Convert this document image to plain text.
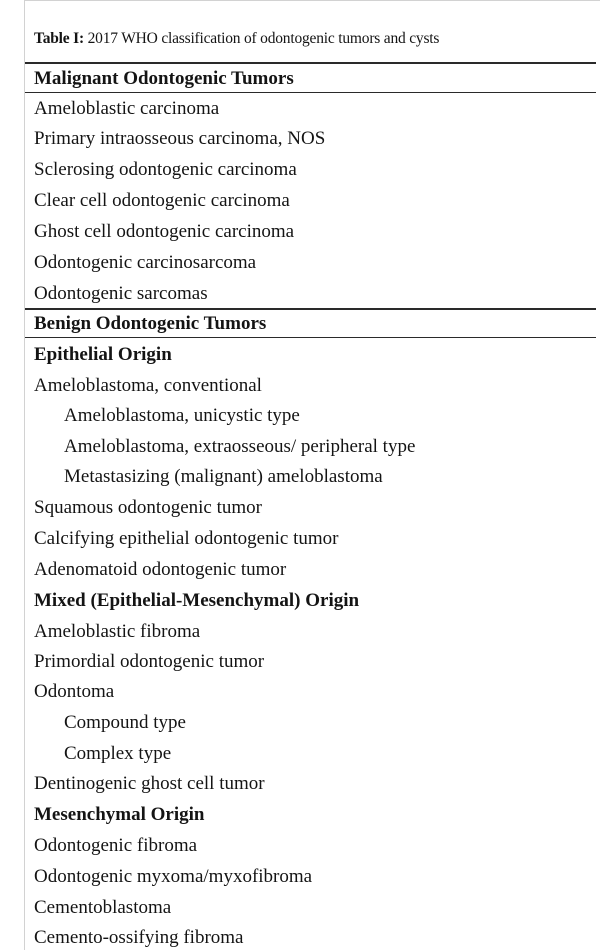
Table I: 2017 WHO classification of odontogenic tumors and cysts
Malignant Odontogenic Tumors
Ameloblastic carcinoma
Primary intraosseous carcinoma, NOS
Sclerosing odontogenic carcinoma
Clear cell odontogenic carcinoma
Ghost cell odontogenic carcinoma
Odontogenic carcinosarcoma
Odontogenic sarcomas
Benign Odontogenic Tumors
Epithelial Origin
Ameloblastoma, conventional
Ameloblastoma, unicystic type
Ameloblastoma, extraosseous/ peripheral type
Metastasizing (malignant) ameloblastoma
Squamous odontogenic tumor
Calcifying epithelial odontogenic tumor
Adenomatoid odontogenic tumor
Mixed (Epithelial-Mesenchymal) Origin
Ameloblastic fibroma
Primordial odontogenic tumor
Odontoma
Compound type
Complex type
Dentinogenic ghost cell tumor
Mesenchymal Origin
Odontogenic fibroma
Odontogenic myxoma/myxofibroma
Cementoblastoma
Cemento-ossifying fibroma
